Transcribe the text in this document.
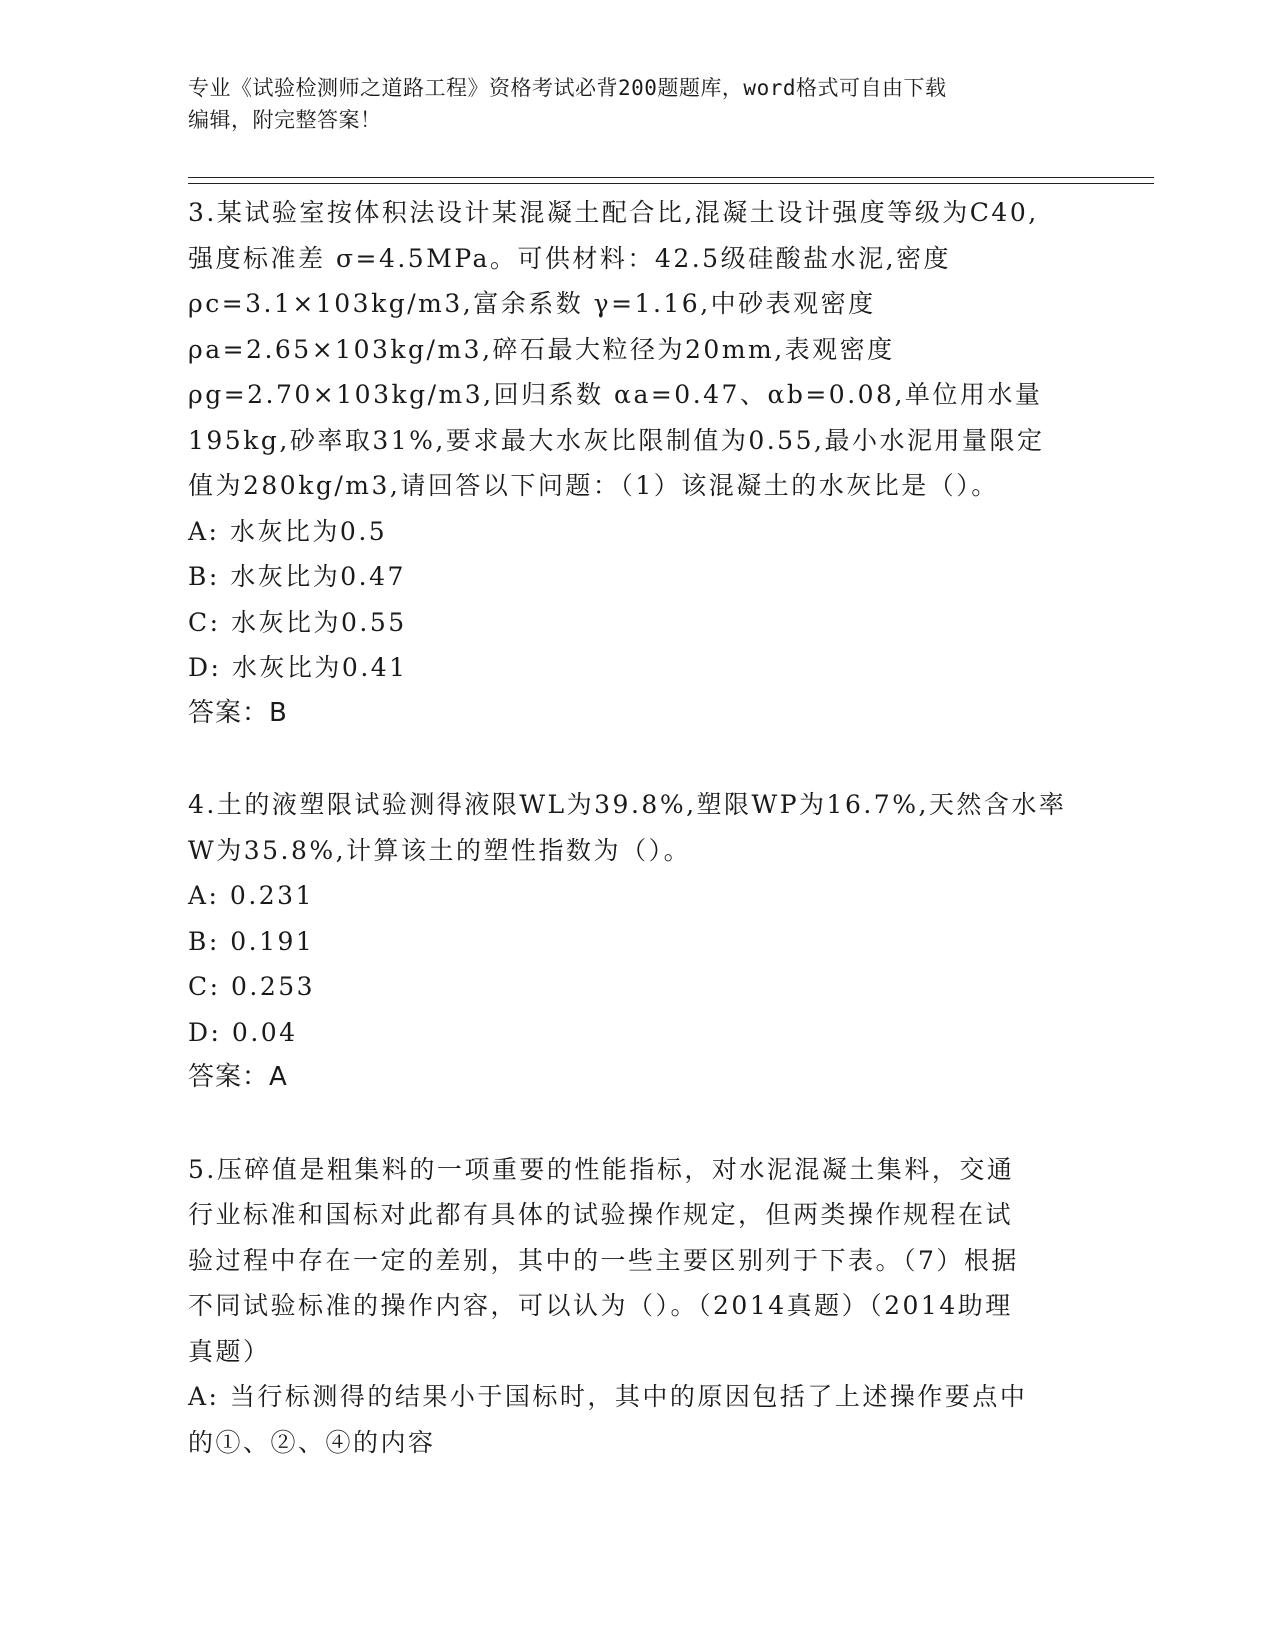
专业《试验检测师之道路工程》资格考试必背200题题库，word格式可自由下载
编辑，附完整答案！
3.某试验室按体积法设计某混凝土配合比,混凝土设计强度等级为C40,
强度标准差 σ=4.5MPa。可供材料：42.5级硅酸盐水泥,密度
ρc=3.1×103kg/m3,富余系数 γ=1.16,中砂表观密度
ρa=2.65×103kg/m3,碎石最大粒径为20mm,表观密度
ρg=2.70×103kg/m3,回归系数 αa=0.47、αb=0.08,单位用水量
195kg,砂率取31%,要求最大水灰比限制值为0.55,最小水泥用量限定
值为280kg/m3,请回答以下问题：（1）该混凝土的水灰比是（）。
A: 水灰比为0.5
B: 水灰比为0.47
C: 水灰比为0.55
D: 水灰比为0.41
答案：B
4.土的液塑限试验测得液限WL为39.8%,塑限WP为16.7%,天然含水率
W为35.8%,计算该土的塑性指数为（）。
A: 0.231
B: 0.191
C: 0.253
D: 0.04
答案：A
5.压碎值是粗集料的一项重要的性能指标，对水泥混凝土集料，交通
行业标准和国标对此都有具体的试验操作规定，但两类操作规程在试
验过程中存在一定的差别，其中的一些主要区别列于下表。（7）根据
不同试验标准的操作内容，可以认为（）。（2014真题）（2014助理
真题）
A: 当行标测得的结果小于国标时，其中的原因包括了上述操作要点中
的①、②、④的内容
